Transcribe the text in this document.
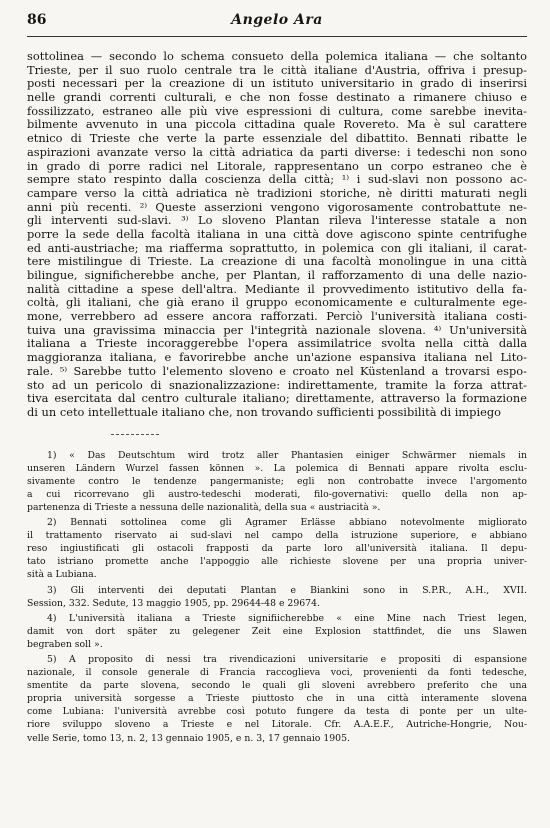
86	Angelo Ara
sottolinea — secondo lo schema consueto della polemica italiana — che soltanto
Trieste, per il suo ruolo centrale tra le città italiane d'Austria, offriva i presup-
posti necessari per la creazione di un istituto universitario in grado di inserirsi
nelle grandi correnti culturali, e che non fosse destinato a rimanere chiuso e
fossilizzato, estraneo alle più vive espressioni di cultura, come sarebbe inevita-
bilmente avvenuto in una piccola cittadina quale Rovereto. Ma è sul carattere
etnico di Trieste che verte la parte essenziale del dibattito. Bennati ribatte le
aspirazioni avanzate verso la città adriatica da parti diverse: i tedeschi non sono
in grado di porre radici nel Litorale, rappresentano un corpo estraneo che è
sempre stato respinto dalla coscienza della città; ¹⁾ i sud-slavi non possono ac-
campare verso la città adriatica nè tradizioni storiche, nè diritti maturati negli
anni più recenti. ²⁾ Queste asserzioni vengono vigorosamente controbattute ne-
gli interventi sud-slavi. ³⁾ Lo sloveno Plantan rileva l'interesse statale a non
porre la sede della facoltà italiana in una città dove agiscono spinte centrifughe
ed anti-austriache; ma riafferma soprattutto, in polemica con gli italiani, il carat-
tere mistilingue di Trieste. La creazione di una facoltà monolingue in una città
bilingue, significherebbe anche, per Plantan, il rafforzamento di una delle nazio-
nalità cittadine a spese dell'altra. Mediante il provvedimento istitutivo della fa-
coltà, gli italiani, che già erano il gruppo economicamente e culturalmente ege-
mone, verrebbero ad essere ancora rafforzati. Perciò l'università italiana costi-
tuiva una gravissima minaccia per l'integrità nazionale slovena. ⁴⁾ Un'università
italiana a Trieste incoraggerebbe l'opera assimilatrice svolta nella città dalla
maggioranza italiana, e favorirebbe anche un'azione espansiva italiana nel Lito-
rale. ⁵⁾ Sarebbe tutto l'elemento sloveno e croato nel Küstenland a trovarsi espo-
sto ad un pericolo di snazionalizzazione: indirettamente, tramite la forza attrat-
tiva esercitata dal centro culturale italiano; direttamente, attraverso la formazione
di un ceto intellettuale italiano che, non trovando sufficienti possibilità di impiego
1) « Das Deutschtum wird trotz aller Phantasien einiger Schwärmer niemals in
unseren Ländern Wurzel fassen können ». La polemica di Bennati appare rivolta esclu-
sivamente contro le tendenze pangermaniste; egli non controbatte invece l'argomento
a cui ricorrevano gli austro-tedeschi moderati, filo-governativi: quello della non ap-
partenenza di Trieste a nessuna delle nazionalità, della sua « austriacità ».
2) Bennati sottolinea come gli Agramer Erlässe abbiano notevolmente migliorato
il trattamento riservato ai sud-slavi nel campo della istruzione superiore, e abbiano
reso ingiustificati gli ostacoli frapposti da parte loro all'università italiana. Il depu-
tato istriano promette anche l'appoggio alle richieste slovene per una propria univer-
sità a Lubiana.
3) Gli interventi dei deputati Plantan e Biankini sono in S.P.R., A.H., XVII.
Session, 332. Sedute, 13 maggio 1905, pp. 29644-48 e 29674.
4) L'università italiana a Trieste signifiicherebbe « eine Mine nach Triest legen,
damit von dort später zu gelegener Zeit eine Explosion stattfindet, die uns Slawen
begraben soll ».
5) A proposito di nessi tra rivendicazioni universitarie e propositi di espansione
nazionale, il console generale di Francia raccoglieva voci, provenienti da fonti tedesche,
smentite da parte slovena, secondo le quali gli sloveni avrebbero preferito che una
propria università sorgesse a Trieste piuttosto che in una città interamente slovena
come Lubiana: l'università avrebbe così potuto fungere da testa di ponte per un ulte-
riore sviluppo sloveno a Trieste e nel Litorale. Cfr. A.A.E.F., Autriche-Hongrie, Nou-
velle Serie, tomo 13, n. 2, 13 gennaio 1905, e n. 3, 17 gennaio 1905.
